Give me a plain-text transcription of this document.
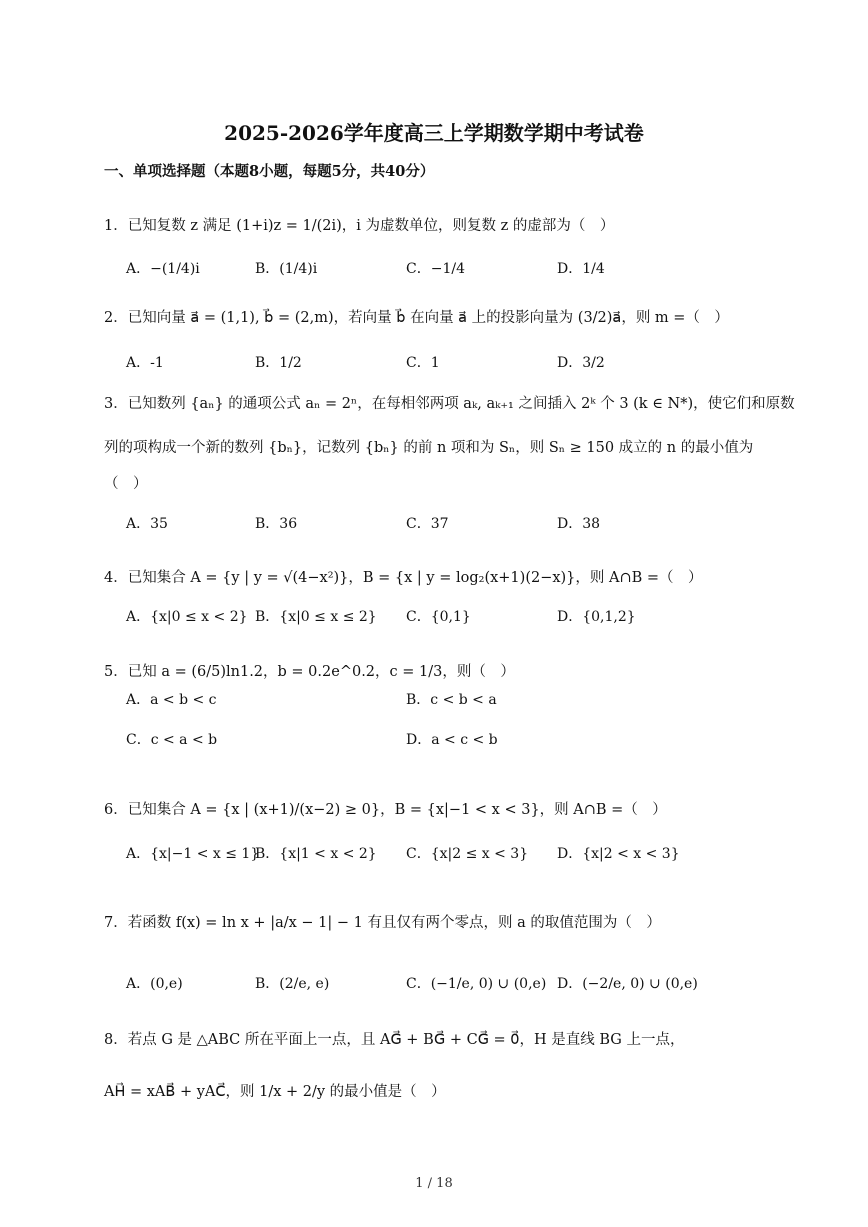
2025-2026学年度高三上学期数学期中考试卷
一、单项选择题（本题8小题，每题5分，共40分）
1．已知复数 z 满足 (1+i)z = 1/(2i)，i 为虚数单位，则复数 z 的虚部为（　）
A．−(1/4)i	B．(1/4)i	C．−1/4	D．1/4
2．已知向量 a⃗ = (1,1), b⃗ = (2,m)，若向量 b⃗ 在向量 a⃗ 上的投影向量为 (3/2)a⃗，则 m =（　）
A．-1	B．1/2	C．1	D．3/2
3．已知数列 {aₙ} 的通项公式 aₙ = 2ⁿ，在每相邻两项 aₖ, aₖ₊₁ 之间插入 2ᵏ 个 3 (k ∈ N*)，使它们和原数
列的项构成一个新的数列 {bₙ}，记数列 {bₙ} 的前 n 项和为 Sₙ，则 Sₙ ≥ 150 成立的 n 的最小值为
（　）
A．35	B．36	C．37	D．38
4．已知集合 A = {y | y = √(4−x²)}，B = {x | y = log₂(x+1)(2−x)}，则 A∩B =（　）
A．{x|0 ≤ x < 2} B．{x|0 ≤ x ≤ 2} C．{0,1}	D．{0,1,2}
5．已知 a = (6/5)ln1.2，b = 0.2e^0.2，c = 1/3，则（　）
A．a < b < c	B．c < b < a
C．c < a < b	D．a < c < b
6．已知集合 A = {x | (x+1)/(x−2) ≥ 0}，B = {x|−1 < x < 3}，则 A∩B =（　）
A．{x|−1 < x ≤ 1}
B．{x|1 < x < 2} C．{x|2 ≤ x < 3} D．{x|2 < x < 3}
7．若函数 f(x) = ln x + |a/x − 1| − 1 有且仅有两个零点，则 a 的取值范围为（　）
A．(0,e)	B．(2/e, e)	C．(−1/e, 0) ∪ (0,e) D．(−2/e, 0) ∪ (0,e)
8．若点 G 是 △ABC 所在平面上一点，且 AG⃗ + BG⃗ + CG⃗ = 0⃗，H 是直线 BG 上一点，
AH⃗ = xAB⃗ + yAC⃗，则 1/x + 2/y 的最小值是（　）
1 / 18
